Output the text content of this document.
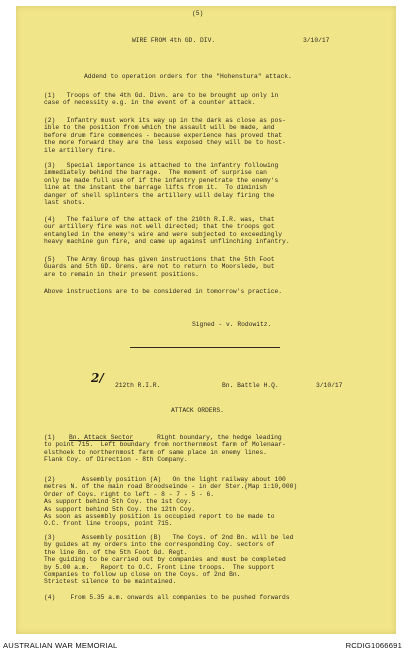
(5)
WIRE FROM 4th GD. DIV.	3/10/17
Addend to operation orders for the "Hohenstura" attack.
(1)   Troops of the 4th Gd. Divn. are to be brought up only in
case of necessity e.g. in the event of a counter attack.
(2)   Infantry must work its way up in the dark as close as pos-
ible to the position from which the assault will be made, and
before drum fire commences - because experience has proved that
the more forward they are the less exposed they will be to host-
ile artillery fire.
(3)   Special importance is attached to the infantry following
immediately behind the barrage.  The moment of surprise can
only be made full use of if the infantry penetrate the enemy's
line at the instant the barrage lifts from it.  To diminish
danger of shell splinters the artillery will delay firing the
last shots.
(4)   The failure of the attack of the 210th R.I.R. was, that
our artillery fire was not well directed; that the troops got
entangled in the enemy's wire and were subjected to exceedingly
heavy machine gun fire, and came up against unflinching infantry.
(5)   The Army Group has given instructions that the 5th Foot
Guards and 5th GD. Grens. are not to return to Moorslede, but
are to remain in their present positions.
Above instructions are to be considered in tomorrow's practice.
Signed - v. Rodowitz.
2/
212th R.I.R.	Bn. Battle H.Q.	3/10/17
ATTACK ORDERS.
(1) Bn. Attack Sector	Right boundary, the hedge leading
to point 715.  Left boundary from northernmost farm of Molenaar-
elsthoek to northernmost farm of same place in enemy lines.
Flank Coy. of Direction - 8th Company.
(2)       Assembly position (A)   On the light railway about 100
metres N. of the main road Broodseinde - in der Ster.(Map 1:10,000)
Order of Coys. right to left - 8 - 7 - 5 - 6.
As support behind 5th Coy. the 1st Coy.
As support behind 5th Coy. the 12th Coy.
As soon as assembly position is occupied report to be made to
O.C. front line troops, point 715.
(3)       Assembly position (B)   The Coys. of 2nd Bn. will be led
by guides at my orders into the corresponding Coy. sectors of
the line Bn. of the 5th Foot Gd. Regt.
The guiding to be carried out by companies and must be completed
by 5.00 a.m.   Report to O.C. Front Line troops.  The support
Companies to follow up close on the Coys. of 2nd Bn.
Strictest silence to be maintained.
(4)    From 5.35 a.m. onwards all companies to be pushed forwards
AUSTRALIAN WAR MEMORIAL	RCDIG1066691
